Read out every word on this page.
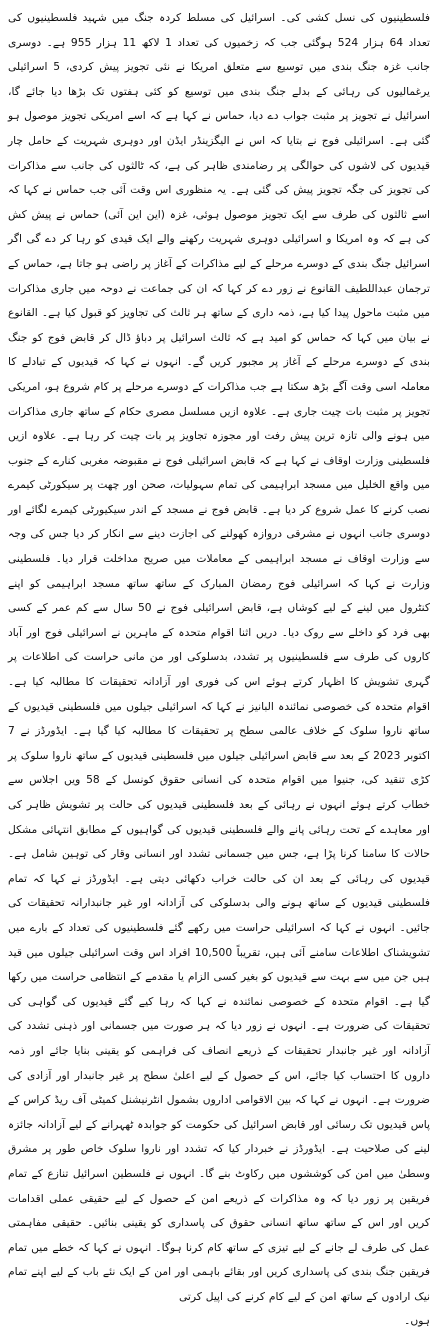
فلسطینیوں کی نسل کشی کی۔ اسرائیل کی مسلط کردہ جنگ میں شہید فلسطینیوں کی تعداد 64 ہزار 524 ہوگئی جب کہ زخمیوں کی تعداد 1 لاکھ 11 ہزار 955 ہے۔ دوسری جانب غزہ جنگ بندی میں توسیع سے متعلق امریکا نے نئی تجویز پیش کردی، 5 اسرائیلی یرغمالیوں کی رہائی کے بدلے جنگ بندی میں توسیع کو کئی ہفتوں تک بڑھا دیا جائے گا، اسرائیل نے تجویز پر مثبت جواب دے دیا، حماس نے کہا ہے کہ اسے امریکی تجویز موصول ہو گئی ہے۔ اسرائیلی فوج نے بتایا کہ اس نے الیگزینڈر ایڈن اور دوہری شہریت کے حامل چار قیدیوں کی لاشوں کی حوالگی پر رضامندی ظاہر کی ہے، کہ ٹالثوں کی جانب سے مذاکرات کی تجویز کی جگہ تجویز پیش کی گئی ہے۔ یہ منظوری اس وقت آئی جب حماس نے کہا کہ اسے ثالثوں کی طرف سے ایک تجویز موصول ہوئی، غزہ (این این آئی) حماس نے پیش کش کی ہے کہ وہ امریکا و اسرائیلی دوہری شہریت رکھنے والے ایک قیدی کو رہا کر دے گی اگر اسرائیل جنگ بندی کے دوسرے مرحلے کے لیے مذاکرات کے آغاز پر راضی ہو جاتا ہے، حماس کے ترجمان عبداللطیف القانوع نے زور دے کر کہا کہ ان کی جماعت نے دوحہ میں جاری مذاکرات میں مثبت ماحول پیدا کیا ہے، ذمہ داری کے ساتھ ہر ثالث کی تجاویز کو قبول کیا ہے۔ القانوع نے بیان میں کہا کہ حماس کو امید ہے کہ ثالث اسرائیل پر دباؤ ڈال کر قابض فوج کو جنگ بندی کے دوسرے مرحلے کے آغاز پر مجبور کریں گے۔ انہوں نے کہا کہ قیدیوں کے تبادلے کا معاملہ اسی وقت آگے بڑھ سکتا ہے جب مذاکرات کے دوسرے مرحلے پر کام شروع ہو، امریکی تجویز پر مثبت بات چیت جاری ہے۔ علاوہ ازیں مسلسل مصری حکام کے ساتھ جاری مذاکرات میں ہونے والی تازہ ترین پیش رفت اور مجوزہ تجاویز پر بات چیت کر رہا ہے۔ علاوہ ازیں فلسطینی وزارت اوقاف نے کہا ہے کہ قابض اسرائیلی فوج نے مقبوضہ مغربی کنارے کے جنوب میں واقع الخلیل میں مسجد ابراہیمی کی تمام سہولیات، صحن اور چھت پر سیکورٹی کیمرے نصب کرنے کا عمل شروع کر دیا ہے۔ قابض فوج نے مسجد کے اندر سیکیورٹی کیمرے لگائے اور دوسری جانب انہوں نے مشرقی دروازہ کھولنے کی اجازت دینے سے انکار کر دیا جس کی وجہ سے وزارت اوقاف نے مسجد ابراہیمی کے معاملات میں صریح مداخلت قرار دیا۔ فلسطینی وزارت نے کہا کہ اسرائیلی فوج رمضان المبارک کے ساتھ ساتھ مسجد ابراہیمی کو اپنے کنٹرول میں لینے کے لیے کوشاں ہے، قابض اسرائیلی فوج نے 50 سال سے کم عمر کے کسی بھی فرد کو داخلے سے روک دیا۔ دریں اثنا اقوام متحدہ کے ماہرین نے اسرائیلی فوج اور آباد کاروں کی طرف سے فلسطینیوں پر تشدد، بدسلوکی اور من مانی حراست کی اطلاعات پر گہری تشویش کا اظہار کرتے ہوئے اس کی فوری اور آزادانہ تحقیقات کا مطالبہ کیا ہے۔ اقوام متحدہ کی خصوصی نمائندہ البانیز نے کہا کہ اسرائیلی جیلوں میں فلسطینی قیدیوں کے ساتھ ناروا سلوک کے خلاف عالمی سطح پر تحقیقات کا مطالبہ کیا گیا ہے۔ ایڈورڈز نے 7 اکتوبر 2023 کے بعد سے قابض اسرائیلی جیلوں میں فلسطینی قیدیوں کے ساتھ ناروا سلوک پر کڑی تنقید کی، جنیوا میں اقوام متحدہ کی انسانی حقوق کونسل کے 58 ویں اجلاس سے خطاب کرتے ہوئے انہوں نے رہائی کے بعد فلسطینی قیدیوں کی حالت پر تشویش ظاہر کی اور معاہدے کے تحت رہائی پانے والے فلسطینی قیدیوں کی گواہیوں کے مطابق انتہائی مشکل حالات کا سامنا کرنا پڑا ہے، جس میں جسمانی تشدد اور انسانی وقار کی توہین شامل ہے۔ قیدیوں کی رہائی کے بعد ان کی حالت خراب دکھائی دیتی ہے۔ ایڈورڈز نے کہا کہ تمام فلسطینی قیدیوں کے ساتھ ہونے والی بدسلوکی کی آزادانہ اور غیر جانبدارانہ تحقیقات کی جائیں۔ انہوں نے کہا کہ اسرائیلی حراست میں رکھے گئے فلسطینیوں کی تعداد کے بارے میں تشویشناک اطلاعات سامنے آئی ہیں، تقریباً 10,500 افراد اس وقت اسرائیلی جیلوں میں قید ہیں جن میں سے بہت سے قیدیوں کو بغیر کسی الزام یا مقدمے کے انتظامی حراست میں رکھا گیا ہے۔ اقوام متحدہ کے خصوصی نمائندہ نے کہا کہ رہا کیے گئے قیدیوں کی گواہی کی تحقیقات کی ضرورت ہے۔ انہوں نے زور دیا کہ ہر صورت میں جسمانی اور ذہنی تشدد کی آزادانہ اور غیر جانبدار تحقیقات کے ذریعے انصاف کی فراہمی کو یقینی بنایا جائے اور ذمہ داروں کا احتساب کیا جائے، اس کے حصول کے لیے اعلیٰ سطح پر غیر جانبدار اور آزادی کی ضرورت ہے۔ انہوں نے کہا کہ بین الاقوامی اداروں بشمول انٹرنیشنل کمیٹی آف ریڈ کراس کے پاس قیدیوں تک رسائی اور قابض اسرائیل کی حکومت کو جوابدہ ٹھہرانے کے لیے آزادانہ جائزہ لینے کی صلاحیت ہے۔ ایڈورڈز نے خبردار کیا کہ تشدد اور ناروا سلوک خاص طور پر مشرق وسطیٰ میں امن کی کوششوں میں رکاوٹ بنے گا۔ انہوں نے فلسطین اسرائیل تنازع کے تمام فریقین پر زور دیا کہ وہ مذاکرات کے ذریعے امن کے حصول کے لیے حقیقی عملی اقدامات کریں اور اس کے ساتھ ساتھ انسانی حقوق کی پاسداری کو یقینی بنائیں۔ حقیقی مفاہمتی عمل کی طرف لے جانے کے لیے تیزی کے ساتھ کام کرنا ہوگا۔ انہوں نے کہا کہ خطے میں تمام فریقین جنگ بندی کی پاسداری کریں اور بقائے باہمی اور امن کے ایک نئے باب کے لیے اپنے تمام نیک ارادوں کے ساتھ امن کے لیے کام کرنے کی اپیل کرتی

ہوں۔
